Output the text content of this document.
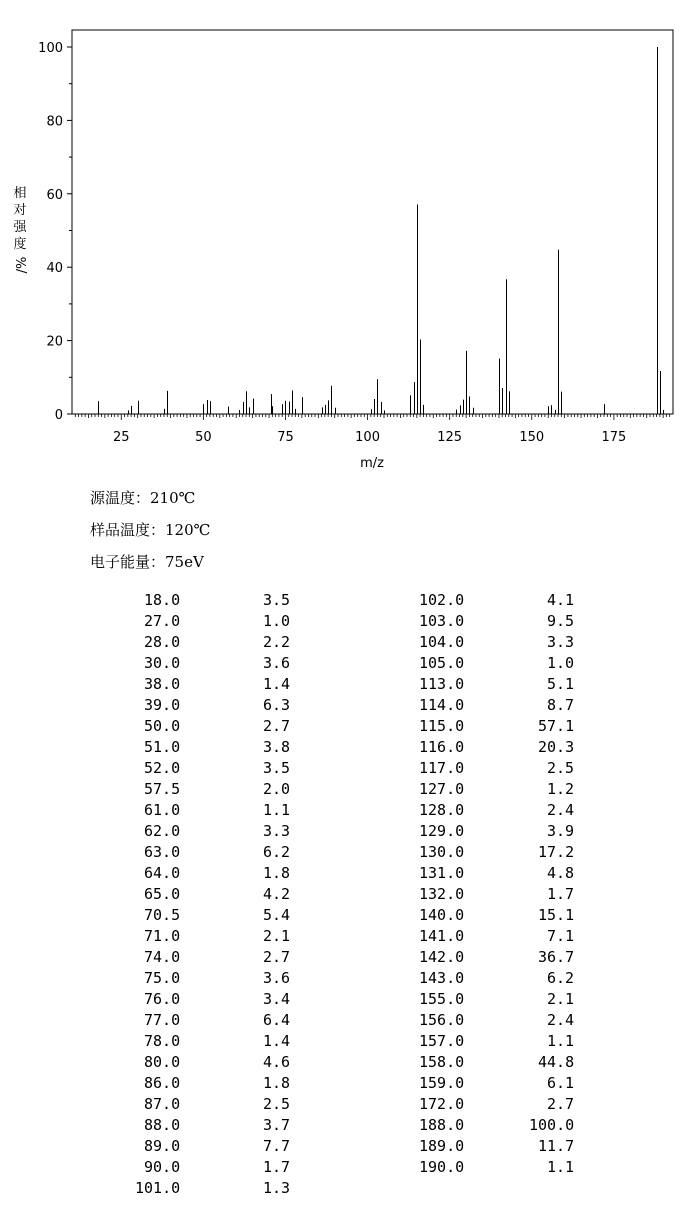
0
20
40
60
80
100
25	50	75	100	125	150	175
相
对
强
度
/%
m/z
源温度：210℃
样品温度：120℃
电子能量：75eV
18.0	3.5
27.0	1.0
28.0	2.2
30.0	3.6
38.0	1.4
39.0	6.3
50.0	2.7
51.0	3.8
52.0	3.5
57.5	2.0
61.0	1.1
62.0	3.3
63.0	6.2
64.0	1.8
65.0	4.2
70.5	5.4
71.0	2.1
74.0	2.7
75.0	3.6
76.0	3.4
77.0	6.4
78.0	1.4
80.0	4.6
86.0	1.8
87.0	2.5
88.0	3.7
89.0	7.7
90.0	1.7
101.0	1.3
102.0	4.1
103.0	9.5
104.0	3.3
105.0	1.0
113.0	5.1
114.0	8.7
115.0	57.1
116.0	20.3
117.0	2.5
127.0	1.2
128.0	2.4
129.0	3.9
130.0	17.2
131.0	4.8
132.0	1.7
140.0	15.1
141.0	7.1
142.0	36.7
143.0	6.2
155.0	2.1
156.0	2.4
157.0	1.1
158.0	44.8
159.0	6.1
172.0	2.7
188.0	100.0
189.0	11.7
190.0	1.1
